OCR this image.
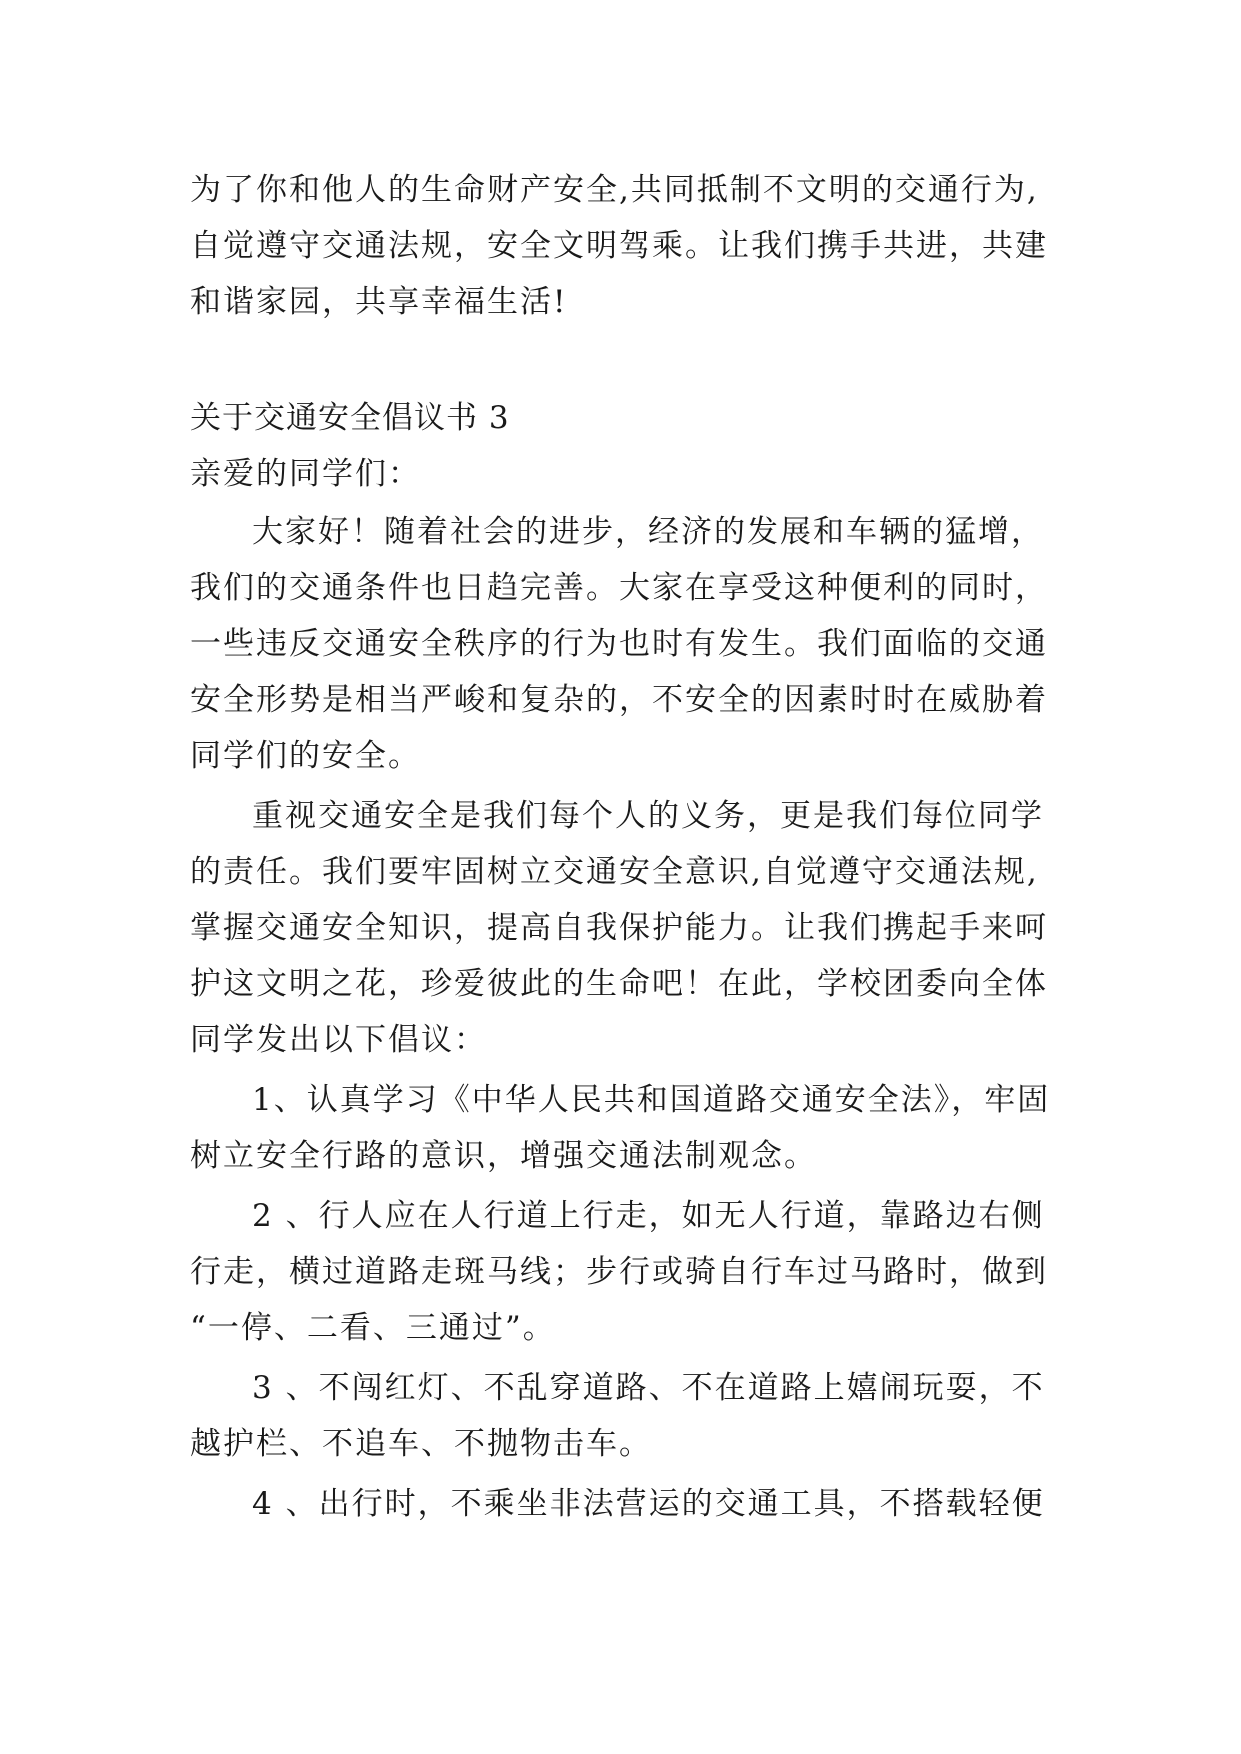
为了你和他人的生命财产安全,共同抵制不文明的交通行为,
自觉遵守交通法规，安全文明驾乘。让我们携手共进，共建
和谐家园，共享幸福生活!
关于交通安全倡议书 3
亲爱的同学们：
大家好！随着社会的进步，经济的发展和车辆的猛增，
我们的交通条件也日趋完善。大家在享受这种便利的同时，
一些违反交通安全秩序的行为也时有发生。我们面临的交通
安全形势是相当严峻和复杂的，不安全的因素时时在威胁着
同学们的安全。
重视交通安全是我们每个人的义务，更是我们每位同学
的责任。我们要牢固树立交通安全意识,自觉遵守交通法规,
掌握交通安全知识，提高自我保护能力。让我们携起手来呵
护这文明之花，珍爱彼此的生命吧！在此，学校团委向全体
同学发出以下倡议：
1、认真学习《中华人民共和国道路交通安全法》，牢固
树立安全行路的意识，增强交通法制观念。
2 、行人应在人行道上行走，如无人行道，靠路边右侧
行走，横过道路走斑马线；步行或骑自行车过马路时，做到
“一停、二看、三通过”。
3 、不闯红灯、不乱穿道路、不在道路上嬉闹玩耍，不
越护栏、不追车、不抛物击车。
4 、出行时，不乘坐非法营运的交通工具，不搭载轻便
